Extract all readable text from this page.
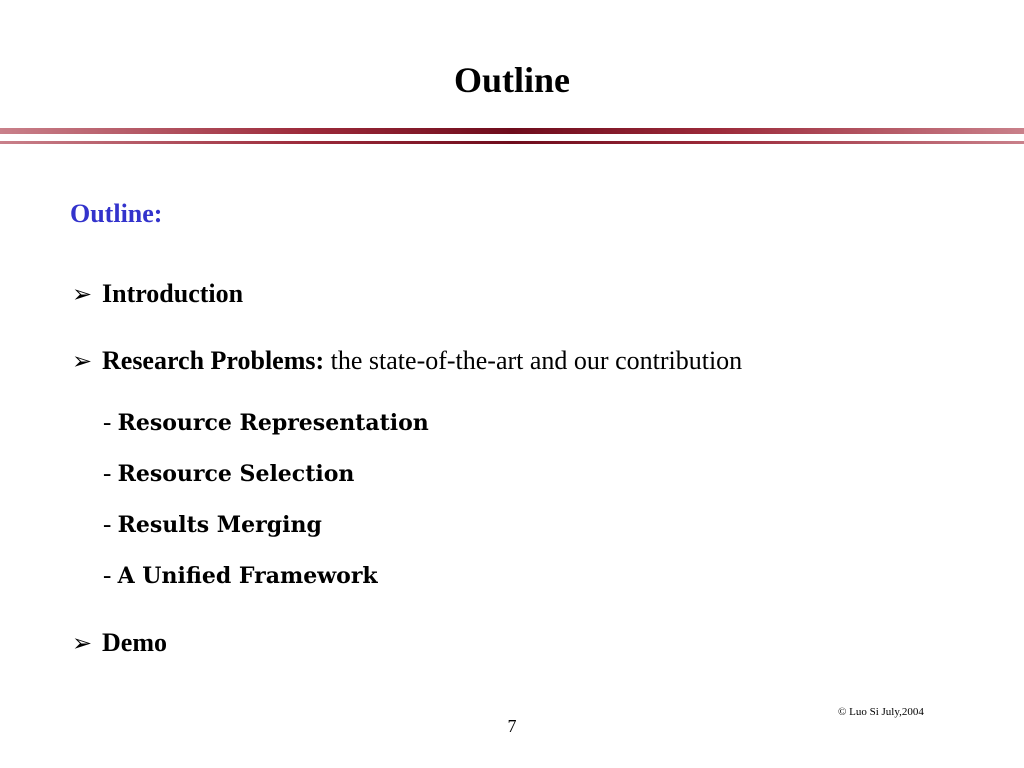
Outline
Outline:
➢ Introduction
➢ Research Problems: the state-of-the-art and our contribution
- Resource Representation
- Resource Selection
- Results Merging
- A Unified Framework
➢ Demo
© Luo Si July,2004
7
